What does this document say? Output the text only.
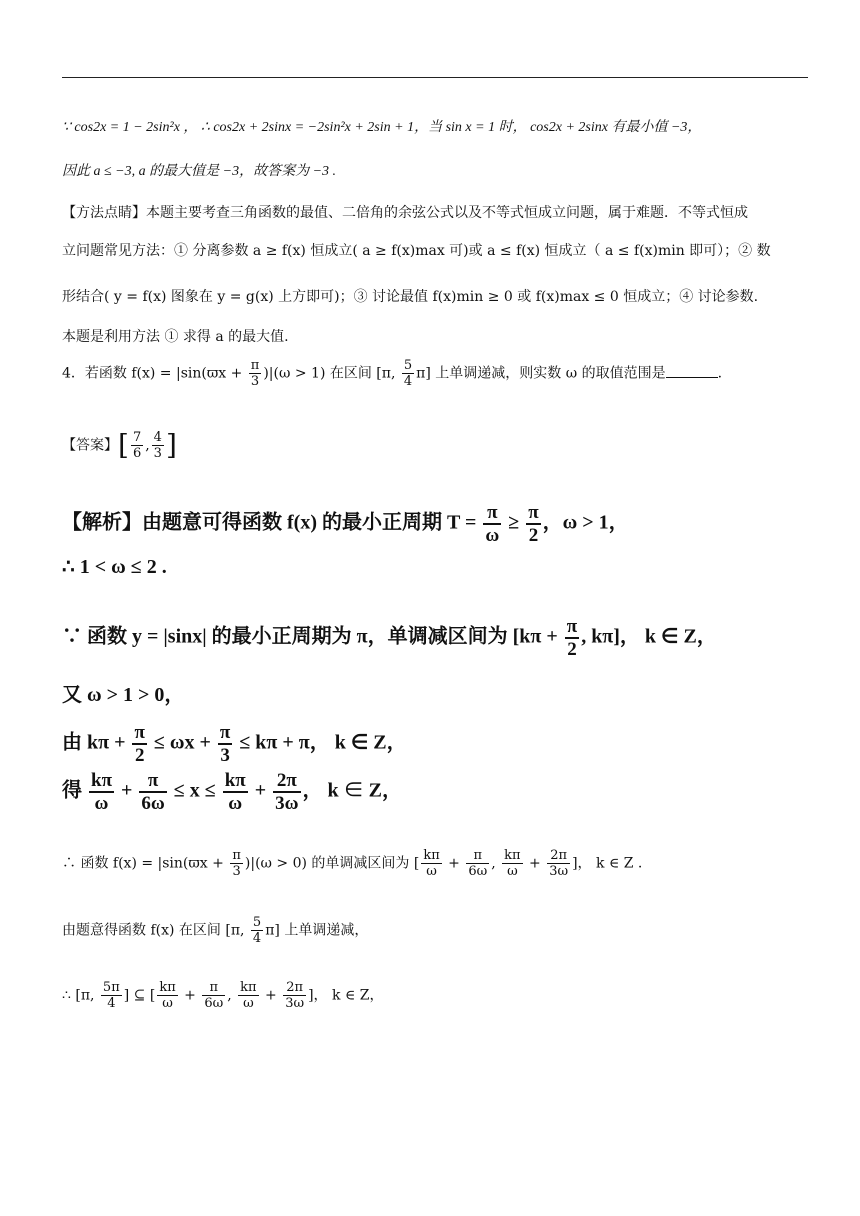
∵ cos2x = 1 − 2sin²x ， ∴ cos2x + 2sinx = −2sin²x + 2sin + 1，当 sin x = 1 时， cos2x + 2sinx 有最小值 −3，
因此 a ≤ −3, a 的最大值是 −3，故答案为 −3 .
【方法点睛】本题主要考查三角函数的最值、二倍角的余弦公式以及不等式恒成立问题，属于难题．不等式恒成
立问题常见方法：① 分离参数 a ≥ f(x) 恒成立( a ≥ f(x)max 可)或 a ≤ f(x) 恒成立（ a ≤ f(x)min 即可）；② 数
形结合( y = f(x) 图象在 y = g(x) 上方即可)；③ 讨论最值 f(x)min ≥ 0 或 f(x)max ≤ 0 恒成立；④ 讨论参数.
本题是利用方法 ① 求得 a 的最大值.
4．若函数 $f(x) = |\sin(ϖx + \frac{\pi}{3} )|(\omega > 1)$ 在区间 [π, $\frac{5}{4} \pi$] 上单调递减，则实数 ω 的取值范围是	.
【答案】[ $\frac{7}{6}$ , $\frac{4}{3}$ ]
【解析】由题意可得函数 f(x) 的最小正周期 $T = \frac{\pi}{\omega} \ge \frac{\pi}{2}$ ，ω > 1，
∴ 1 < ω ≤ 2 .
∵ 函数 y = |sinx| 的最小正周期为 π，单调减区间为 [$k\pi + \frac{\pi}{2}$ , kπ]， k ∈ Z，
又 ω > 1 > 0，
由 $k\pi + \frac{\pi}{2} \le \omega x + \frac{\pi}{3} \le k\pi + \pi$， k ∈ Z，
得 $\frac{k\pi}{\omega} + \frac{\pi}{6\omega} \le x \le \frac{k\pi}{\omega} + \frac{2\pi}{3\omega}$ ， k ∈ Z，
∴ 函数 $f(x) = |\sin(ϖx + \frac{\pi}{3} )|(\omega > 0)$ 的单调减区间为 [ $\frac{k\pi}{\omega} + \frac{\pi}{6\omega}$ , $\frac{k\pi}{\omega} + \frac{2\pi}{3\omega}$ ]， k ∈ Z .
由题意得函数 f(x) 在区间 [π, $\frac{5}{4} \pi$] 上单调递减，
∴ [π, $\frac{5\pi}{4}$ ] ⊆ [ $\frac{k\pi}{\omega} + \frac{\pi}{6\omega}$ , $\frac{k\pi}{\omega} + \frac{2\pi}{3\omega}$ ]， k ∈ Z，
